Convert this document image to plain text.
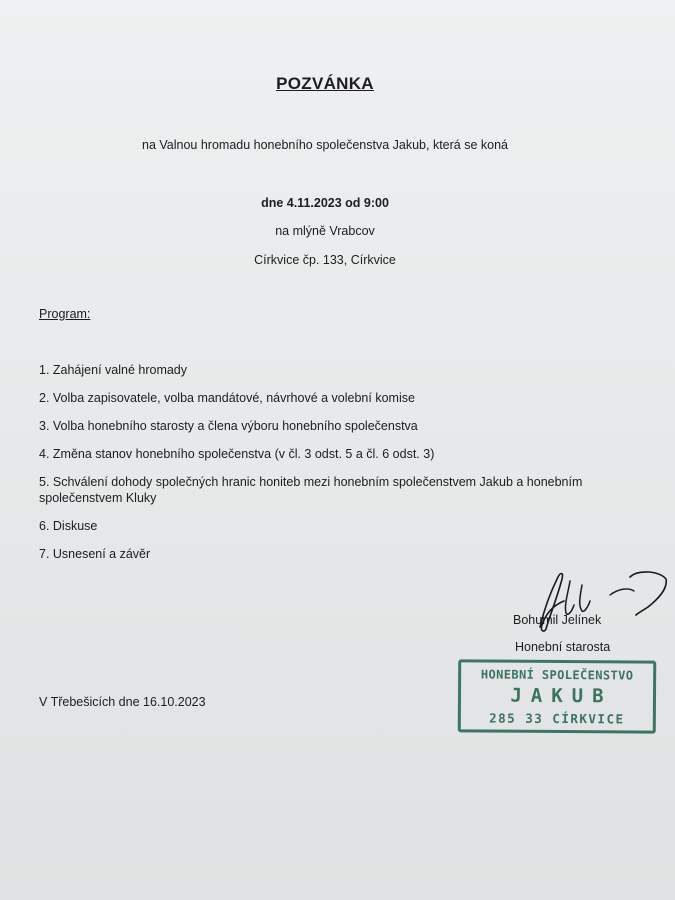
POZVÁNKA
na Valnou hromadu honebního společenstva Jakub, která se koná
dne 4.11.2023 od 9:00
na mlýně Vrabcov
Církvice čp. 133, Církvice
Program:
1. Zahájení valné hromady
2. Volba zapisovatele, volba mandátové, návrhové a volební komise
3. Volba honebního starosty a člena výboru honebního společenstva
4. Změna stanov honebního společenstva (v čl. 3 odst. 5 a čl. 6 odst. 3)
5. Schválení dohody společných hranic honiteb mezi honebním společenstvem Jakub a honebním společenstvem Kluky
6. Diskuse
7. Usnesení a závěr
Bohumil Jelínek
Honební starosta
V Třebešicích dne 16.10.2023
HONEBNÍ SPOLEČENSTVO
JAKUB
285 33 CÍRKVICE
